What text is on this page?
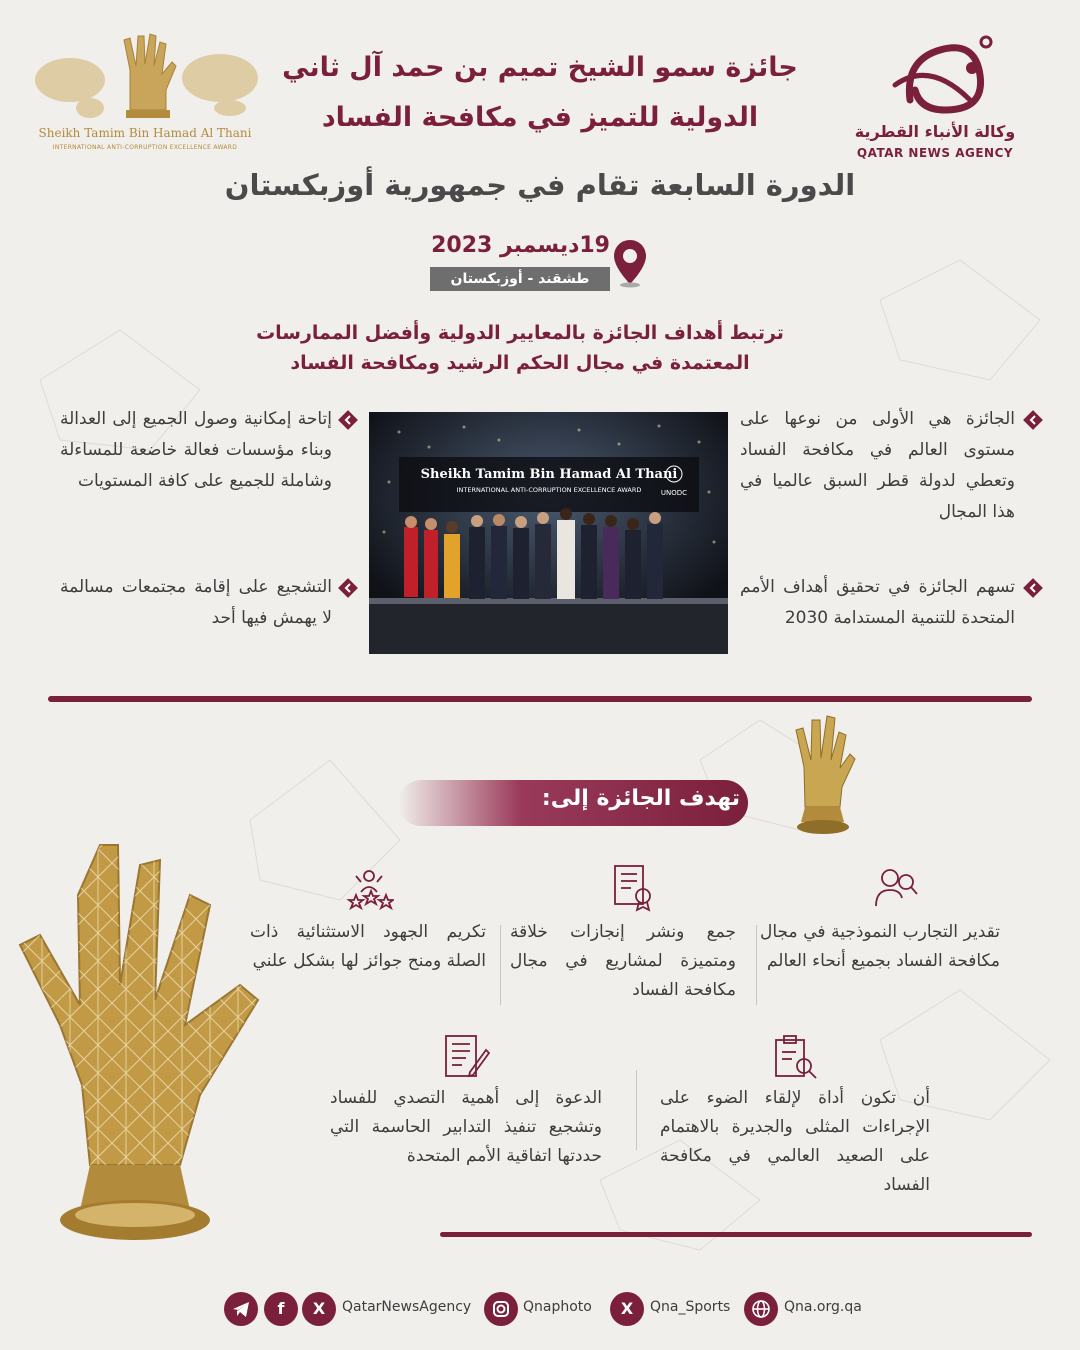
وكالة الأنباء القطرية
QATAR NEWS AGENCY
Sheikh Tamim Bin Hamad Al Thani
INTERNATIONAL ANTI-CORRUPTION EXCELLENCE AWARD
جائزة سمو الشيخ تميم بن حمد آل ثاني
الدولية للتميز في مكافحة الفساد
الدورة السابعة تقام في جمهورية أوزبكستان
19ديسمبر 2023
طشقند - أوزبكستان
ترتبط أهداف الجائزة بالمعايير الدولية وأفضل الممارسات
المعتمدة في مجال الحكم الرشيد ومكافحة الفساد
الجائزة هي الأولى من نوعها على مستوى العالم في مكافحة الفساد وتعطي لدولة قطر السبق عالميا في هذا المجال
تسهم الجائزة في تحقيق أهداف الأمم المتحدة للتنمية المستدامة 2030
إتاحة إمكانية وصول الجميع إلى العدالة وبناء مؤسسات فعالة خاضعة للمساءلة وشاملة للجميع على كافة المستويات
التشجيع على إقامة مجتمعات مسالمة لا يهمش فيها أحد
Sheikh Tamim Bin Hamad Al Thani
INTERNATIONAL ANTI-CORRUPTION EXCELLENCE AWARD	UNODC
تهدف الجائزة إلى:
تقدير التجارب النموذجية في مجال مكافحة الفساد بجميع أنحاء العالم
جمع ونشر إنجازات خلاقة ومتميزة لمشاريع في مجال مكافحة الفساد
تكريم الجهود الاستثنائية ذات الصلة ومنح جوائز لها بشكل علني
أن تكون أداة لإلقاء الضوء على الإجراءات المثلى والجديرة بالاهتمام على الصعيد العالمي في مكافحة الفساد
الدعوة إلى أهمية التصدي للفساد وتشجيع تنفيذ التدابير الحاسمة التي حددتها اتفاقية الأمم المتحدة
f	X	QatarNewsAgency	Qnaphoto	X	Qna_Sports	Qna.org.qa
